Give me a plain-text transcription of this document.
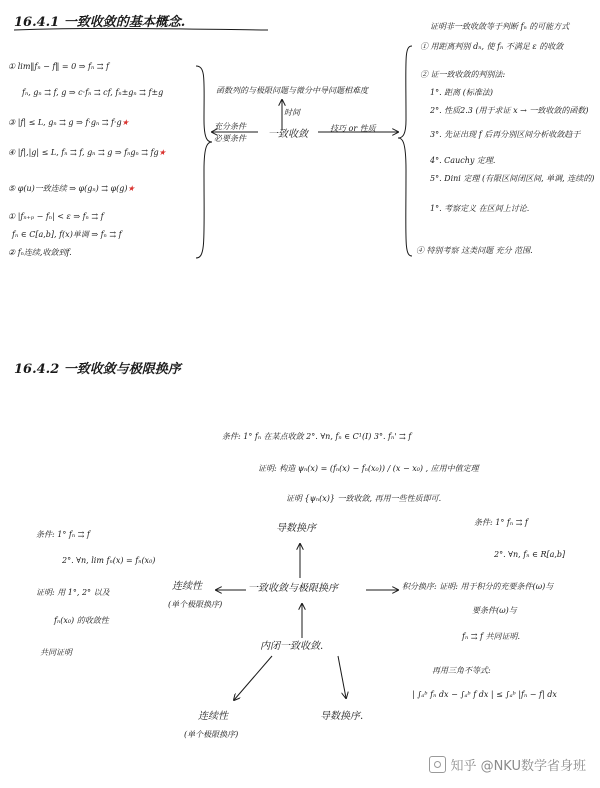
16.4.1 一致收敛的基本概念.
① lim‖fₙ − f‖ = 0 ⇒ fₙ ⇉ f
fₙ, gₙ ⇉ f, g ⇒ c·fₙ ⇉ cf, fₙ±gₙ ⇉ f±g
③ |f| ≤ L, gₙ ⇉ g ⇒ f·gₙ ⇉ f·g★
④ |f|,|g| ≤ L, fₙ ⇉ f, gₙ ⇉ g ⇒ fₙgₙ ⇉ fg★
⑤ φ(u)一致连续 ⇒ φ(gₙ) ⇉ φ(g)★
① |fₙ₊ₚ − fₙ| < ε ⇒ fₙ ⇉ f
fₙ ∈ C[a,b], f(x)单调 ⇒ fₙ ⇉ f
② fₙ连续,收敛到f.
函数列的与极限问题与微分中导问题相难度
充分条件
必要条件
时间
一致收敛
技巧 or 性质
证明非一致收敛等于判断 fₙ 的可能方式
① 用距离判别 dₙ, 使 fₙ 不满足 ε 的收敛
② 证一致收敛的判别法:
1°. 距离 (标准法)
2°. 性质2.3 (用于求证 x → 一致收敛的函数)
3°. 先证出现 f 后再分别区间分析收敛趋于
4°. Cauchy 定理.
5°. Dini 定理 (有限区间闭区间, 单调, 连续的)
1°. 考察定义 在区间上讨论.
④ 特别考察 这类问题 充分 范围.
16.4.2 一致收敛与极限换序
条件: 1° fₙ 在某点收敛 2°. ∀n, fₙ ∈ C¹(I) 3°. fₙ' ⇉ f
证明: 构造 ψₙ(x) = (fₙ(x) − fₙ(x₀)) / (x − x₀) , 应用中值定理
证明 {ψₙ(x)} 一致收敛, 再用一些性质即可.
导数换序
条件: 1° fₙ ⇉ f
2°. ∀n, lim fₙ(x) = fₙ(x₀)
证明: 用 1°, 2° 以及
fₙ(x₀) 的收敛性
共同证明
连续性
(单个极限换序)
一致收敛与极限换序	积分换序: 证明: 用于积分的充要条件(ω)与
条件: 1° fₙ ⇉ f
2°. ∀n, fₙ ∈ R[a,b]
要条件(ω)与
fₙ ⇉ f 共同证明.
再用三角不等式:
| ∫ₐᵇ fₙ dx − ∫ₐᵇ f dx | ≤ ∫ₐᵇ |fₙ − f| dx
内闭一致收敛.
连续性
(单个极限换序)
导数换序.
知乎 @NKU数学省身班
